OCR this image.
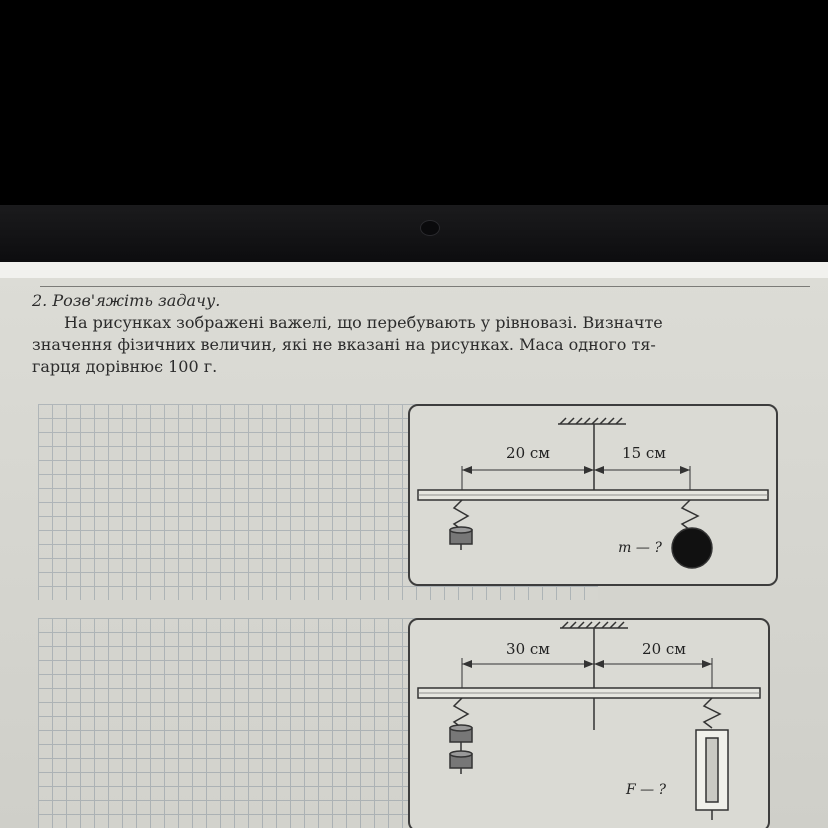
2. Розв'яжіть задачу.
На рисунках зображені важелі, що перебувають у рівновазі. Визначте
значення фізичних величин, які не вказані на рисунках. Маса одного тя-
гарця дорівнює 100 г.
20 см	15 см
m — ?
30 см	20 см
F — ?
